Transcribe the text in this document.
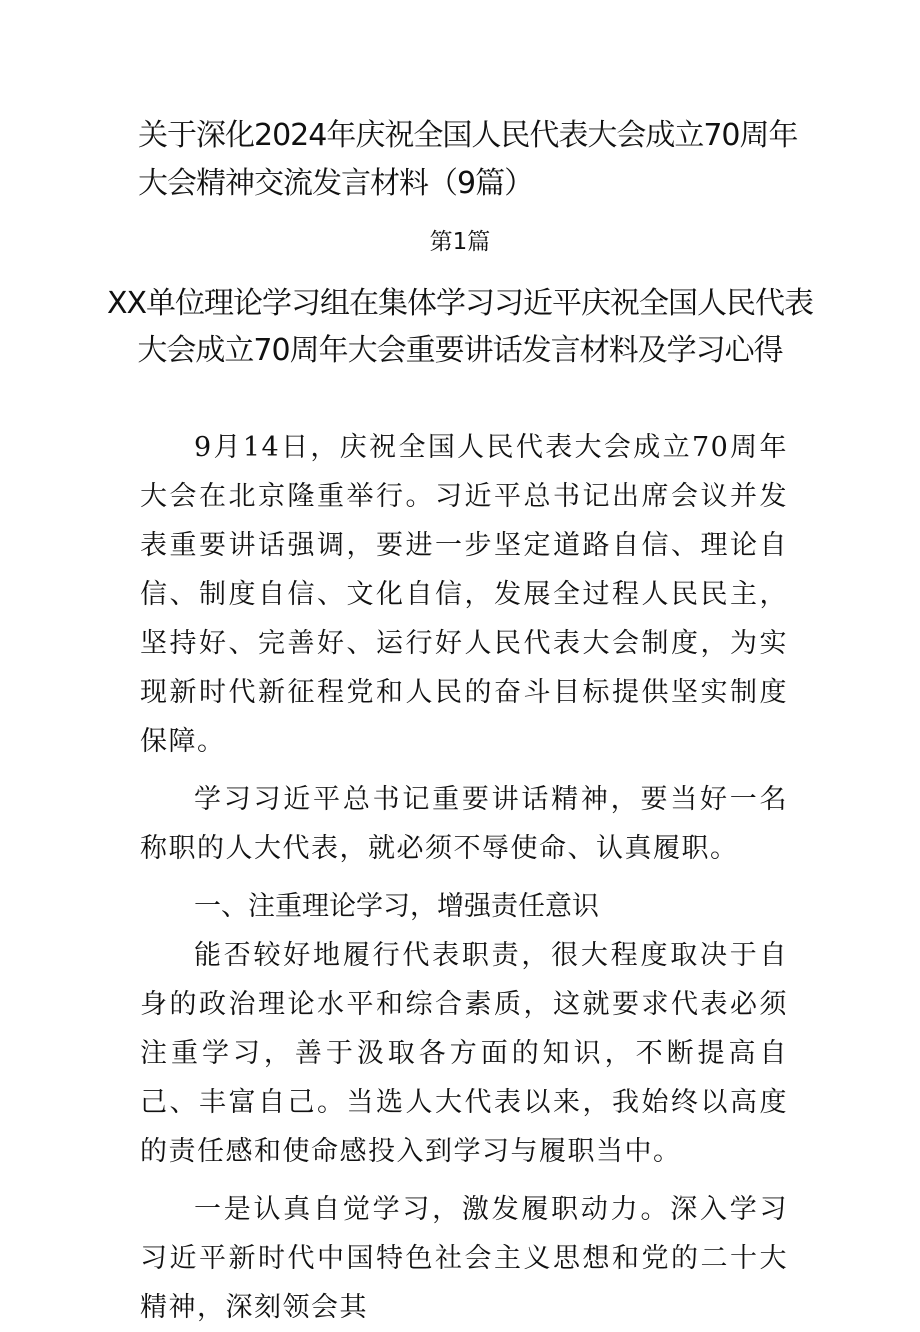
关于深化2024年庆祝全国人民代表大会成立70周年大会精神交流发言材料（9篇）
第1篇
XX单位理论学习组在集体学习习近平庆祝全国人民代表大会成立70周年大会重要讲话发言材料及学习心得

9月14日，庆祝全国人民代表大会成立70周年大会在北京隆重举行。习近平总书记出席会议并发表重要讲话强调，要进一步坚定道路自信、理论自信、制度自信、文化自信，发展全过程人民民主，坚持好、完善好、运行好人民代表大会制度，为实现新时代新征程党和人民的奋斗目标提供坚实制度保障。

学习习近平总书记重要讲话精神，要当好一名称职的人大代表，就必须不辱使命、认真履职。

一、注重理论学习，增强责任意识

能否较好地履行代表职责，很大程度取决于自身的政治理论水平和综合素质，这就要求代表必须注重学习，善于汲取各方面的知识，不断提高自己、丰富自己。当选人大代表以来，我始终以高度的责任感和使命感投入到学习与履职当中。

一是认真自觉学习，激发履职动力。深入学习习近平新时代中国特色社会主义思想和党的二十大精神，深刻领会其
